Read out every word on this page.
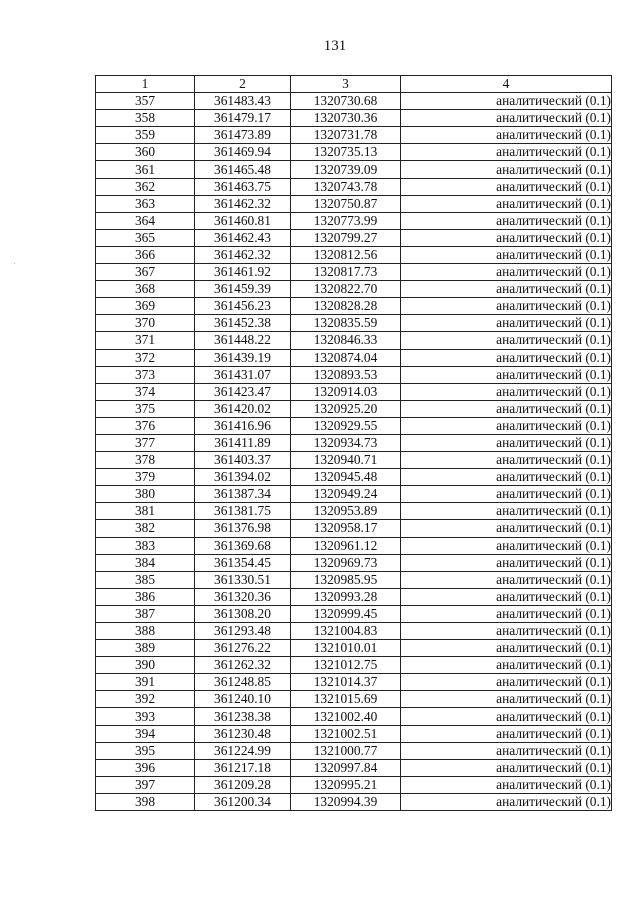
131
1	2	3	4
357	361483.43	1320730.68	аналитический (0.1)
358	361479.17	1320730.36	аналитический (0.1)
359	361473.89	1320731.78	аналитический (0.1)
360	361469.94	1320735.13	аналитический (0.1)
361	361465.48	1320739.09	аналитический (0.1)
362	361463.75	1320743.78	аналитический (0.1)
363	361462.32	1320750.87	аналитический (0.1)
364	361460.81	1320773.99	аналитический (0.1)
365	361462.43	1320799.27	аналитический (0.1)
366	361462.32	1320812.56	аналитический (0.1)
367	361461.92	1320817.73	аналитический (0.1)
368	361459.39	1320822.70	аналитический (0.1)
369	361456.23	1320828.28	аналитический (0.1)
370	361452.38	1320835.59	аналитический (0.1)
371	361448.22	1320846.33	аналитический (0.1)
372	361439.19	1320874.04	аналитический (0.1)
373	361431.07	1320893.53	аналитический (0.1)
374	361423.47	1320914.03	аналитический (0.1)
375	361420.02	1320925.20	аналитический (0.1)
376	361416.96	1320929.55	аналитический (0.1)
377	361411.89	1320934.73	аналитический (0.1)
378	361403.37	1320940.71	аналитический (0.1)
379	361394.02	1320945.48	аналитический (0.1)
380	361387.34	1320949.24	аналитический (0.1)
381	361381.75	1320953.89	аналитический (0.1)
382	361376.98	1320958.17	аналитический (0.1)
383	361369.68	1320961.12	аналитический (0.1)
384	361354.45	1320969.73	аналитический (0.1)
385	361330.51	1320985.95	аналитический (0.1)
386	361320.36	1320993.28	аналитический (0.1)
387	361308.20	1320999.45	аналитический (0.1)
388	361293.48	1321004.83	аналитический (0.1)
389	361276.22	1321010.01	аналитический (0.1)
390	361262.32	1321012.75	аналитический (0.1)
391	361248.85	1321014.37	аналитический (0.1)
392	361240.10	1321015.69	аналитический (0.1)
393	361238.38	1321002.40	аналитический (0.1)
394	361230.48	1321002.51	аналитический (0.1)
395	361224.99	1321000.77	аналитический (0.1)
396	361217.18	1320997.84	аналитический (0.1)
397	361209.28	1320995.21	аналитический (0.1)
398	361200.34	1320994.39	аналитический (0.1)
